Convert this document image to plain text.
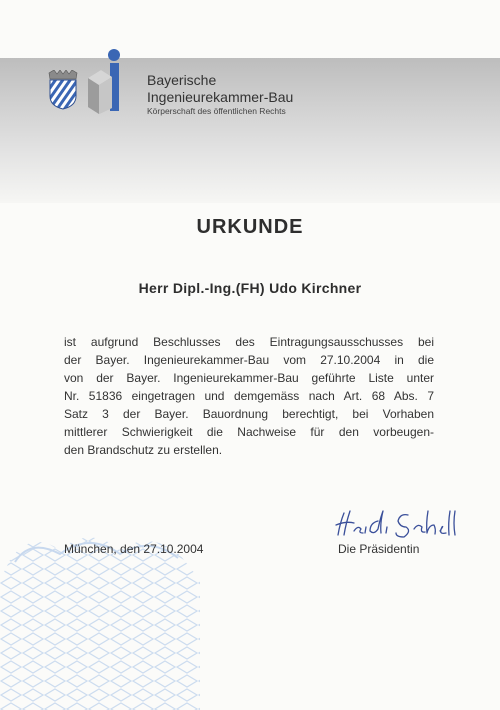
Bayerische
Ingenieurekammer-Bau
Körperschaft des öffentlichen Rechts
URKUNDE
Herr Dipl.-Ing.(FH) Udo Kirchner
ist aufgrund Beschlusses des Eintragungsausschusses bei
der Bayer. Ingenieurekammer-Bau vom 27.10.2004 in die
von der Bayer. Ingenieurekammer-Bau geführte Liste unter
Nr. 51836 eingetragen und demgemäss nach Art. 68 Abs. 7
Satz 3 der Bayer. Bauordnung berechtigt, bei Vorhaben
mittlerer Schwierigkeit die Nachweise für den vorbeugen-
den Brandschutz zu erstellen.
München, den 27.10.2004	Die Präsidentin
